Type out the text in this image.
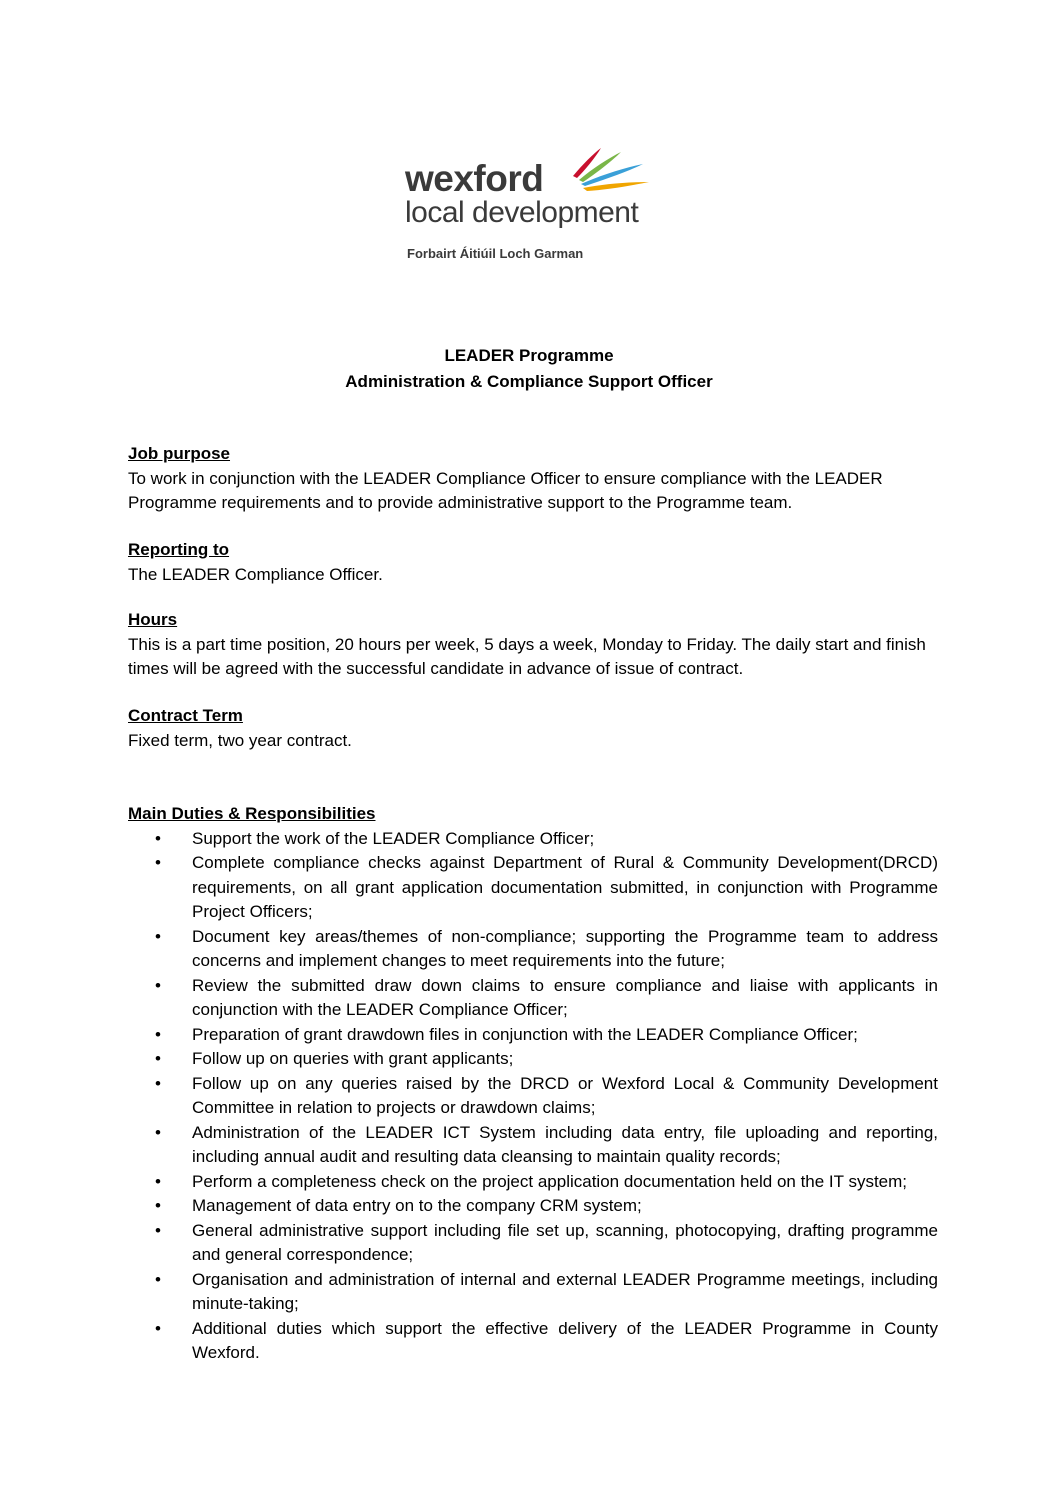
wexford
local development
Forbairt Áitiúil Loch Garman
LEADER Programme
Administration & Compliance Support Officer
Job purpose
To work in conjunction with the LEADER Compliance Officer to ensure compliance with the LEADER Programme requirements and to provide administrative support to the Programme team.
Reporting to
The LEADER Compliance Officer.
Hours
This is a part time position, 20 hours per week, 5 days a week, Monday to Friday. The daily start and finish times will be agreed with the successful candidate in advance of issue of contract.
Contract Term
Fixed term, two year contract.
Main Duties & Responsibilities
• Support the work of the LEADER Compliance Officer;
• Complete compliance checks against Department of Rural & Community Development(DRCD) requirements, on all grant application documentation submitted, in conjunction with Programme Project Officers;
• Document key areas/themes of non-compliance; supporting the Programme team to address concerns and implement changes to meet requirements into the future;
• Review the submitted draw down claims to ensure compliance and liaise with applicants in conjunction with the LEADER Compliance Officer;
• Preparation of grant drawdown files in conjunction with the LEADER Compliance Officer;
• Follow up on queries with grant applicants;
• Follow up on any queries raised by the DRCD or Wexford Local & Community Development Committee in relation to projects or drawdown claims;
• Administration of the LEADER ICT System including data entry, file uploading and reporting, including annual audit and resulting data cleansing to maintain quality records;
• Perform a completeness check on the project application documentation held on the IT system;
• Management of data entry on to the company CRM system;
• General administrative support including file set up, scanning, photocopying, drafting programme and general correspondence;
• Organisation and administration of internal and external LEADER Programme meetings, including minute-taking;
• Additional duties which support the effective delivery of the LEADER Programme in County Wexford.
